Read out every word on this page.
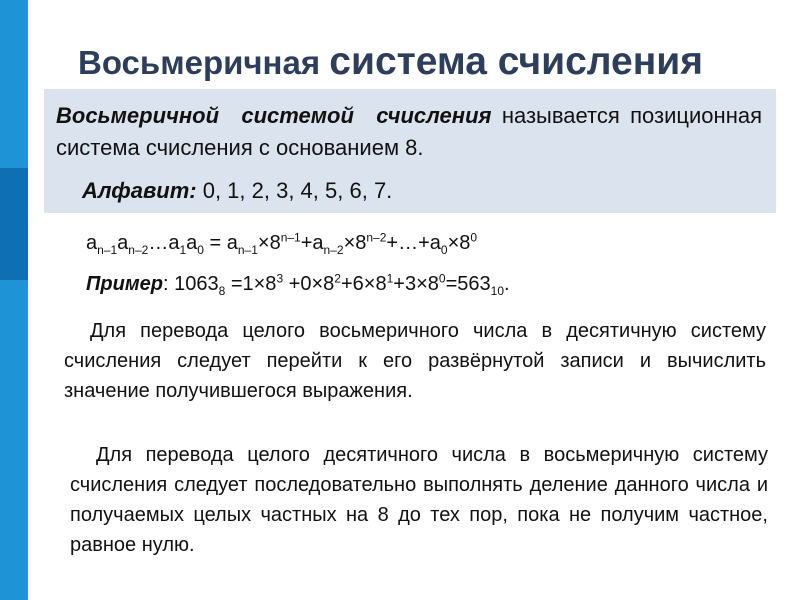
Восьмеричная система счисления
Восьмеричной системой счисления называется позиционная система счисления с основанием 8.
Алфавит: 0, 1, 2, 3, 4, 5, 6, 7.
$a_{n-1}a_{n-2}\dots a_1a_0$ = $a_{n-1}\times 8^{n-1}+a_{n-2}\times 8^{n-2}+\dots+a_0\times 8^0$
Пример: $1063_8 =1\times 8^3 +0\times 8^2+6\times 8^1+3\times 8^0=563_{10}$.
Для перевода целого восьмеричного числа в десятичную систему счисления следует перейти к его развёрнутой записи и вычислить значение получившегося выражения.
Для перевода целого десятичного числа в восьмеричную систему счисления следует последовательно выполнять деление данного числа и получаемых целых частных на 8 до тех пор, пока не получим частное, равное нулю.
